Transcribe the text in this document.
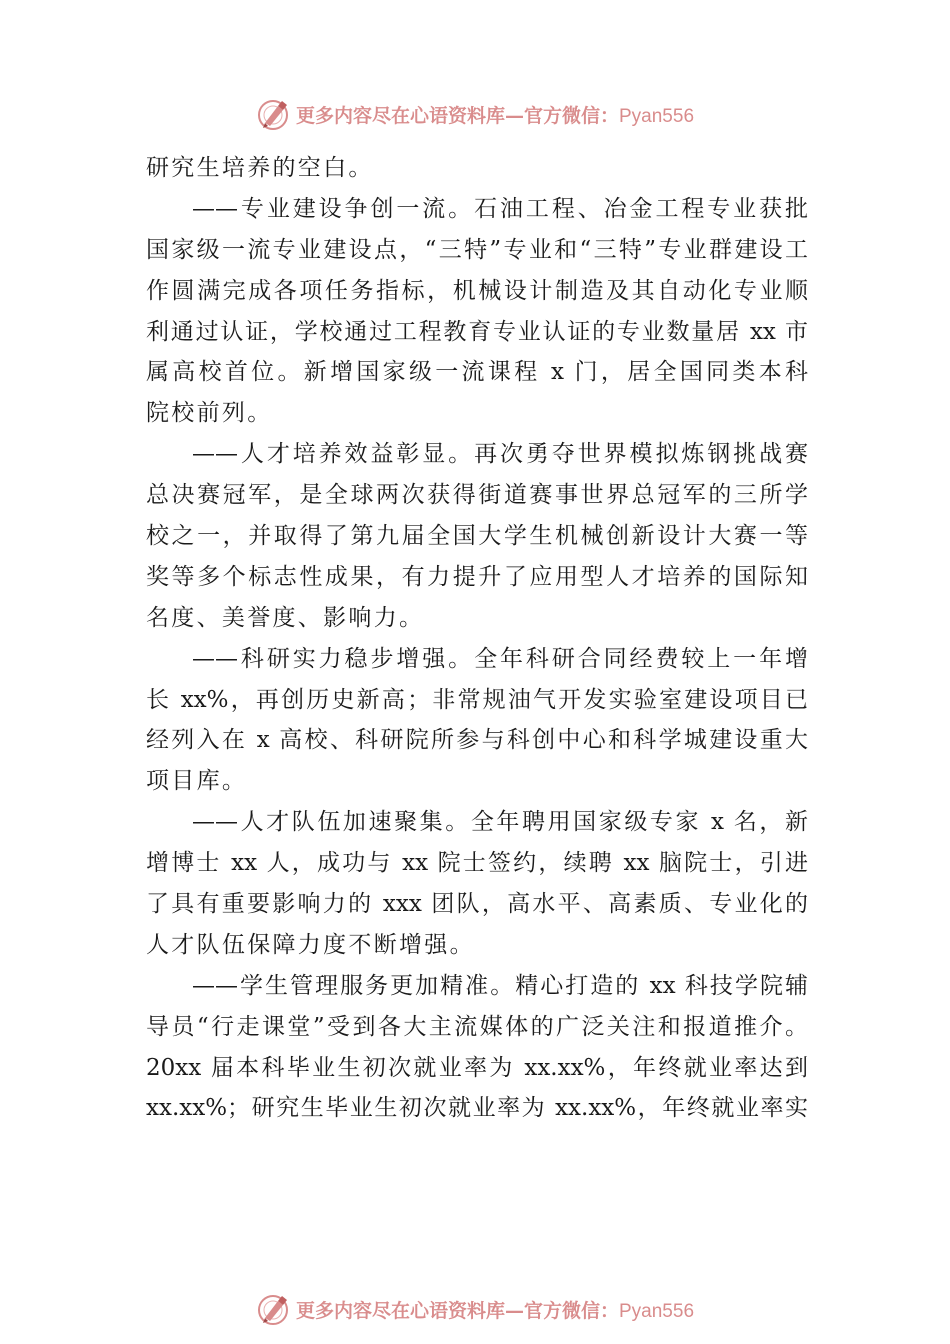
更多内容尽在心语资料库—官方微信：Pyan556
研究生培养的空白。
——专业建设争创一流。石油工程、冶金工程专业获批
国家级一流专业建设点，“三特”专业和“三特”专业群建设工
作圆满完成各项任务指标，机械设计制造及其自动化专业顺
利通过认证，学校通过工程教育专业认证的专业数量居 xx 市
属高校首位。新增国家级一流课程 x 门，居全国同类本科
院校前列。
——人才培养效益彰显。再次勇夺世界模拟炼钢挑战赛
总决赛冠军，是全球两次获得街道赛事世界总冠军的三所学
校之一，并取得了第九届全国大学生机械创新设计大赛一等
奖等多个标志性成果，有力提升了应用型人才培养的国际知
名度、美誉度、影响力。
——科研实力稳步增强。全年科研合同经费较上一年增
长 xx%，再创历史新高；非常规油气开发实验室建设项目已
经列入在 x 高校、科研院所参与科创中心和科学城建设重大
项目库。
——人才队伍加速聚集。全年聘用国家级专家 x 名，新
增博士 xx 人，成功与 xx 院士签约，续聘 xx 脑院士，引进
了具有重要影响力的 xxx 团队，高水平、高素质、专业化的
人才队伍保障力度不断增强。
——学生管理服务更加精准。精心打造的 xx 科技学院辅
导员“行走课堂”受到各大主流媒体的广泛关注和报道推介。
20xx 届本科毕业生初次就业率为 xx.xx%，年终就业率达到
xx.xx%；研究生毕业生初次就业率为 xx.xx%，年终就业率实
更多内容尽在心语资料库—官方微信：Pyan556
